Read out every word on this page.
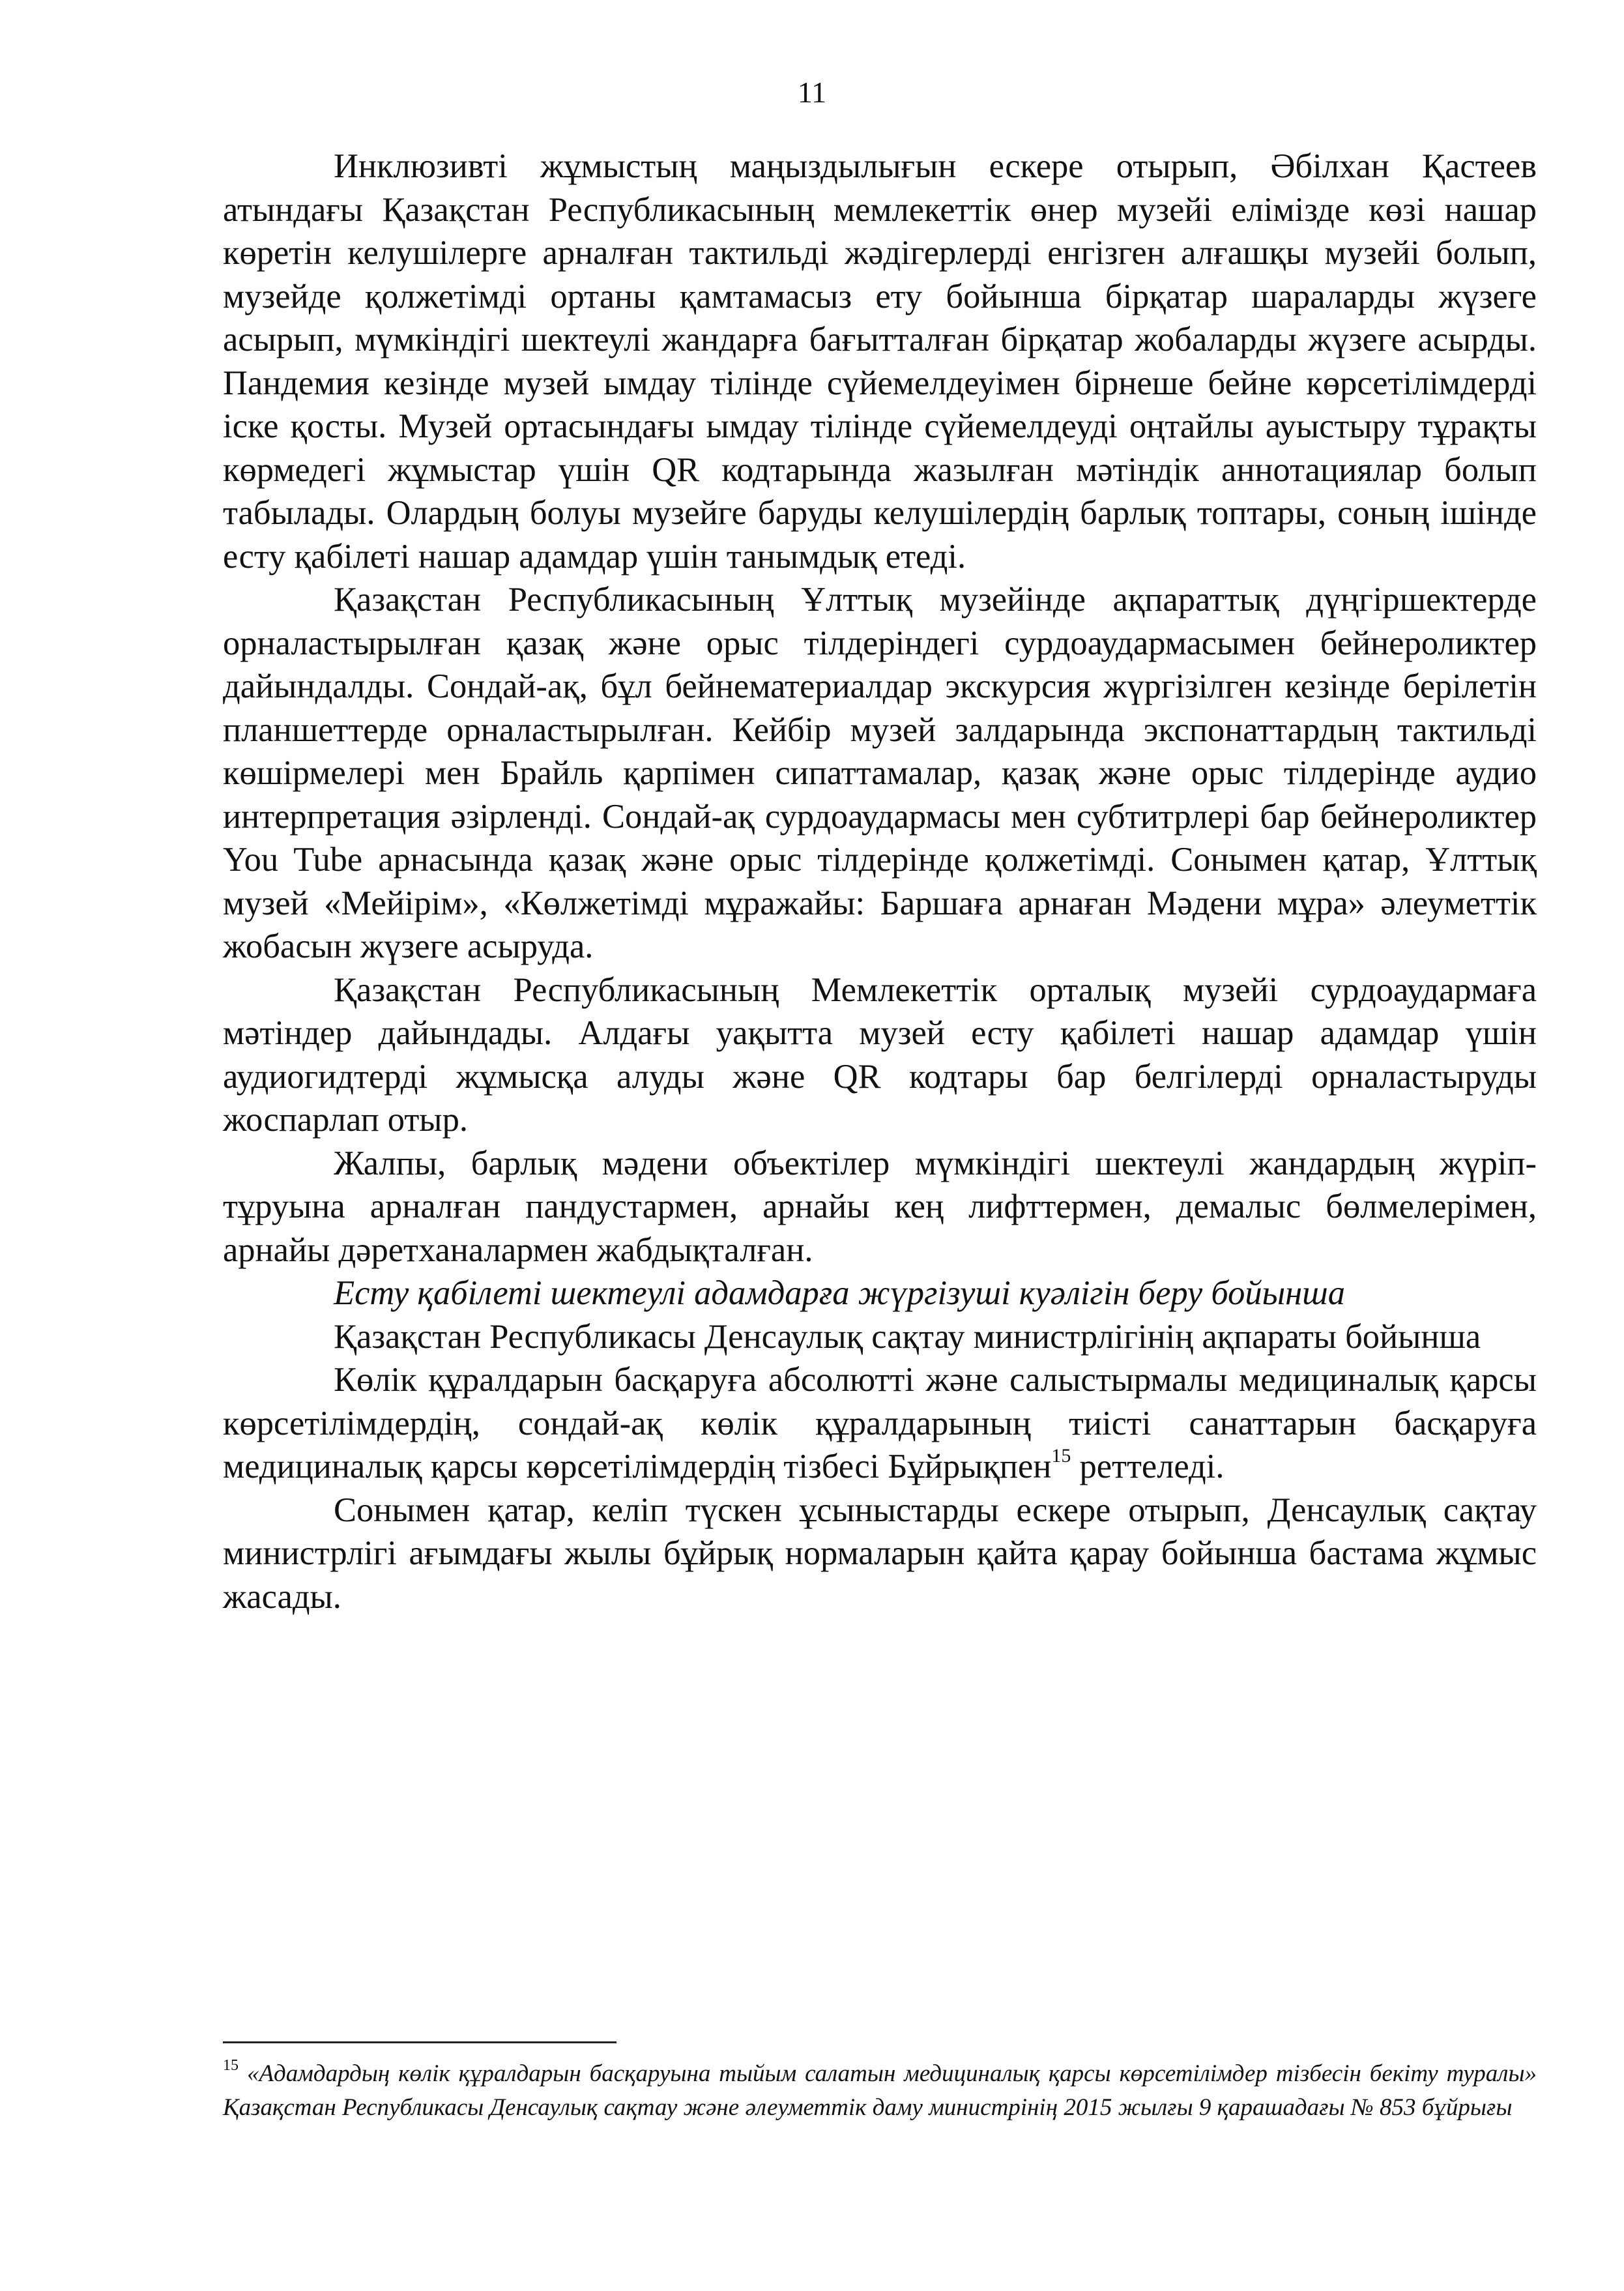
11

Инклюзивті жұмыстың маңыздылығын ескере отырып, Әбілхан Қастеев атындағы Қазақстан Республикасының мемлекеттік өнер музейі елімізде көзі нашар көретін келушілерге арналған тактильді жәдігерлерді енгізген алғашқы музейі болып, музейде қолжетімді ортаны қамтамасыз ету бойынша бірқатар шараларды жүзеге асырып, мүмкіндігі шектеулі жандарға бағытталған бірқатар жобаларды жүзеге асырды. Пандемия кезінде музей ымдау тілінде сүйемелдеуімен бірнеше бейне көрсетілімдерді іске қосты. Музей ортасындағы ымдау тілінде сүйемелдеуді оңтайлы ауыстыру тұрақты көрмедегі жұмыстар үшін QR кодтарында жазылған мәтіндік аннотациялар болып табылады. Олардың болуы музейге баруды келушілердің барлық топтары, соның ішінде есту қабілеті нашар адамдар үшін танымдық етеді.

Қазақстан Республикасының Ұлттық музейінде ақпараттық дүңгіршектерде орналастырылған қазақ және орыс тілдеріндегі сурдоаудармасымен бейнероликтер дайындалды. Сондай-ақ, бұл бейнематериалдар экскурсия жүргізілген кезінде берілетін планшеттерде орналастырылған. Кейбір музей залдарында экспонаттардың тактильді көшірмелері мен Брайль қарпімен сипаттамалар, қазақ және орыс тілдерінде аудио интерпретация әзірленді. Сондай-ақ сурдоаудармасы мен субтитрлері бар бейнероликтер You Tube арнасында қазақ және орыс тілдерінде қолжетімді. Сонымен қатар, Ұлттық музей «Мейірім», «Көлжетімді мұражайы: Баршаға арнаған Мәдени мұра» әлеуметтік жобасын жүзеге асыруда.

Қазақстан Республикасының Мемлекеттік орталық музейі сурдоаудармаға мәтіндер дайындады. Алдағы уақытта музей есту қабілеті нашар адамдар үшін аудиогидтерді жұмысқа алуды және QR кодтары бар белгілерді орналастыруды жоспарлап отыр.

Жалпы, барлық мәдени объектілер мүмкіндігі шектеулі жандардың жүріп-тұруына арналған пандустармен, арнайы кең лифттермен, демалыс бөлмелерімен, арнайы дәретханалармен жабдықталған.

Есту қабілеті шектеулі адамдарға жүргізуші куәлігін беру бойынша

Қазақстан Республикасы Денсаулық сақтау министрлігінің ақпараты бойынша

Көлік құралдарын басқаруға абсолютті және салыстырмалы медициналық қарсы көрсетілімдердің, сондай-ақ көлік құралдарының тиісті санаттарын басқаруға медициналық қарсы көрсетілімдердің тізбесі Бұйрықпен$^{15}$ реттеледі.

Сонымен қатар, келіп түскен ұсыныстарды ескере отырып, Денсаулық сақтау министрлігі ағымдағы жылы бұйрық нормаларын қайта қарау бойынша бастама жұмыс жасады.

$^{15}$ «Адамдардың көлік құралдарын басқаруына тыйым салатын медициналық қарсы көрсетілімдер тізбесін бекіту туралы» Қазақстан Республикасы Денсаулық сақтау және әлеуметтік даму министрінің 2015 жылғы 9 қарашадағы № 853 бұйрығы
